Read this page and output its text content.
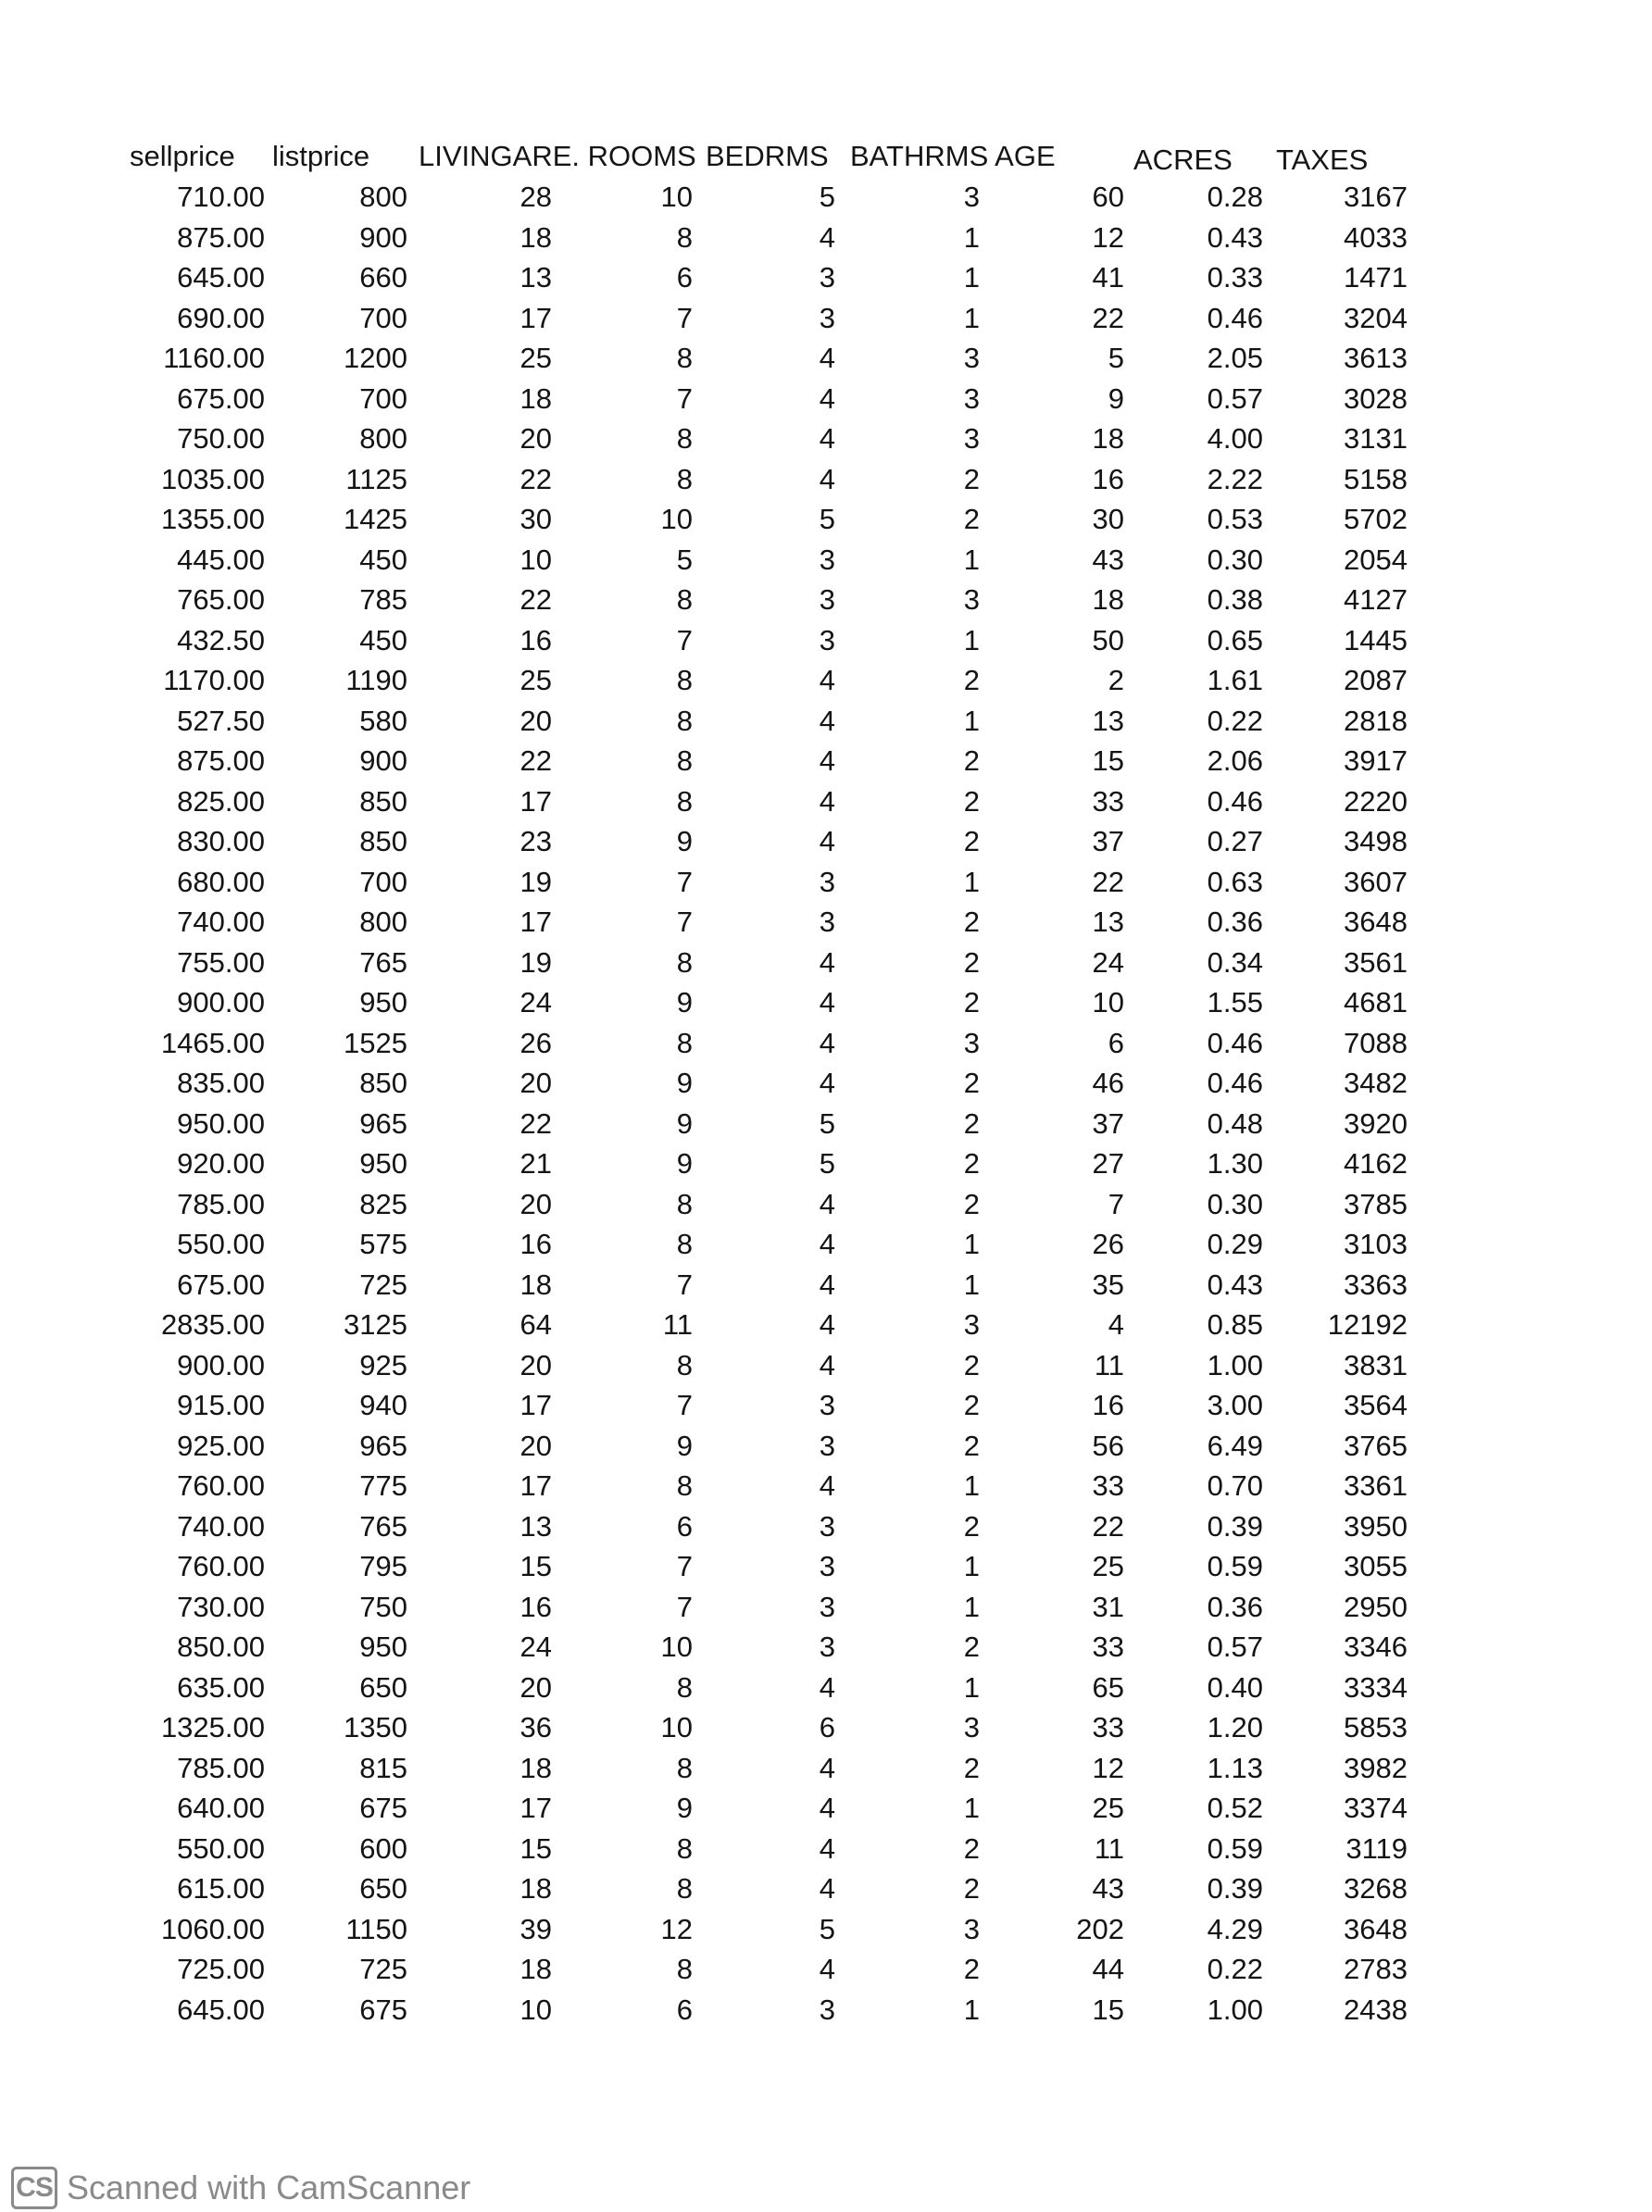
sellprice listprice LIVINGARE. ROOMS BEDRMS BATHRMS AGE	ACRES TAXES
710.00	800	28	10	5	3	60	0.28	3167
875.00	900	18	8	4	1	12	0.43	4033
645.00	660	13	6	3	1	41	0.33	1471
690.00	700	17	7	3	1	22	0.46	3204
1160.00	1200	25	8	4	3	5	2.05	3613
675.00	700	18	7	4	3	9	0.57	3028
750.00	800	20	8	4	3	18	4.00	3131
1035.00	1125	22	8	4	2	16	2.22	5158
1355.00	1425	30	10	5	2	30	0.53	5702
445.00	450	10	5	3	1	43	0.30	2054
765.00	785	22	8	3	3	18	0.38	4127
432.50	450	16	7	3	1	50	0.65	1445
1170.00	1190	25	8	4	2	2	1.61	2087
527.50	580	20	8	4	1	13	0.22	2818
875.00	900	22	8	4	2	15	2.06	3917
825.00	850	17	8	4	2	33	0.46	2220
830.00	850	23	9	4	2	37	0.27	3498
680.00	700	19	7	3	1	22	0.63	3607
740.00	800	17	7	3	2	13	0.36	3648
755.00	765	19	8	4	2	24	0.34	3561
900.00	950	24	9	4	2	10	1.55	4681
1465.00	1525	26	8	4	3	6	0.46	7088
835.00	850	20	9	4	2	46	0.46	3482
950.00	965	22	9	5	2	37	0.48	3920
920.00	950	21	9	5	2	27	1.30	4162
785.00	825	20	8	4	2	7	0.30	3785
550.00	575	16	8	4	1	26	0.29	3103
675.00	725	18	7	4	1	35	0.43	3363
2835.00	3125	64	11	4	3	4	0.85	12192
900.00	925	20	8	4	2	11	1.00	3831
915.00	940	17	7	3	2	16	3.00	3564
925.00	965	20	9	3	2	56	6.49	3765
760.00	775	17	8	4	1	33	0.70	3361
740.00	765	13	6	3	2	22	0.39	3950
760.00	795	15	7	3	1	25	0.59	3055
730.00	750	16	7	3	1	31	0.36	2950
850.00	950	24	10	3	2	33	0.57	3346
635.00	650	20	8	4	1	65	0.40	3334
1325.00	1350	36	10	6	3	33	1.20	5853
785.00	815	18	8	4	2	12	1.13	3982
640.00	675	17	9	4	1	25	0.52	3374
550.00	600	15	8	4	2	11	0.59	3119
615.00	650	18	8	4	2	43	0.39	3268
1060.00	1150	39	12	5	3	202	4.29	3648
725.00	725	18	8	4	2	44	0.22	2783
645.00	675	10	6	3	1	15	1.00	2438
CS Scanned with CamScanner
